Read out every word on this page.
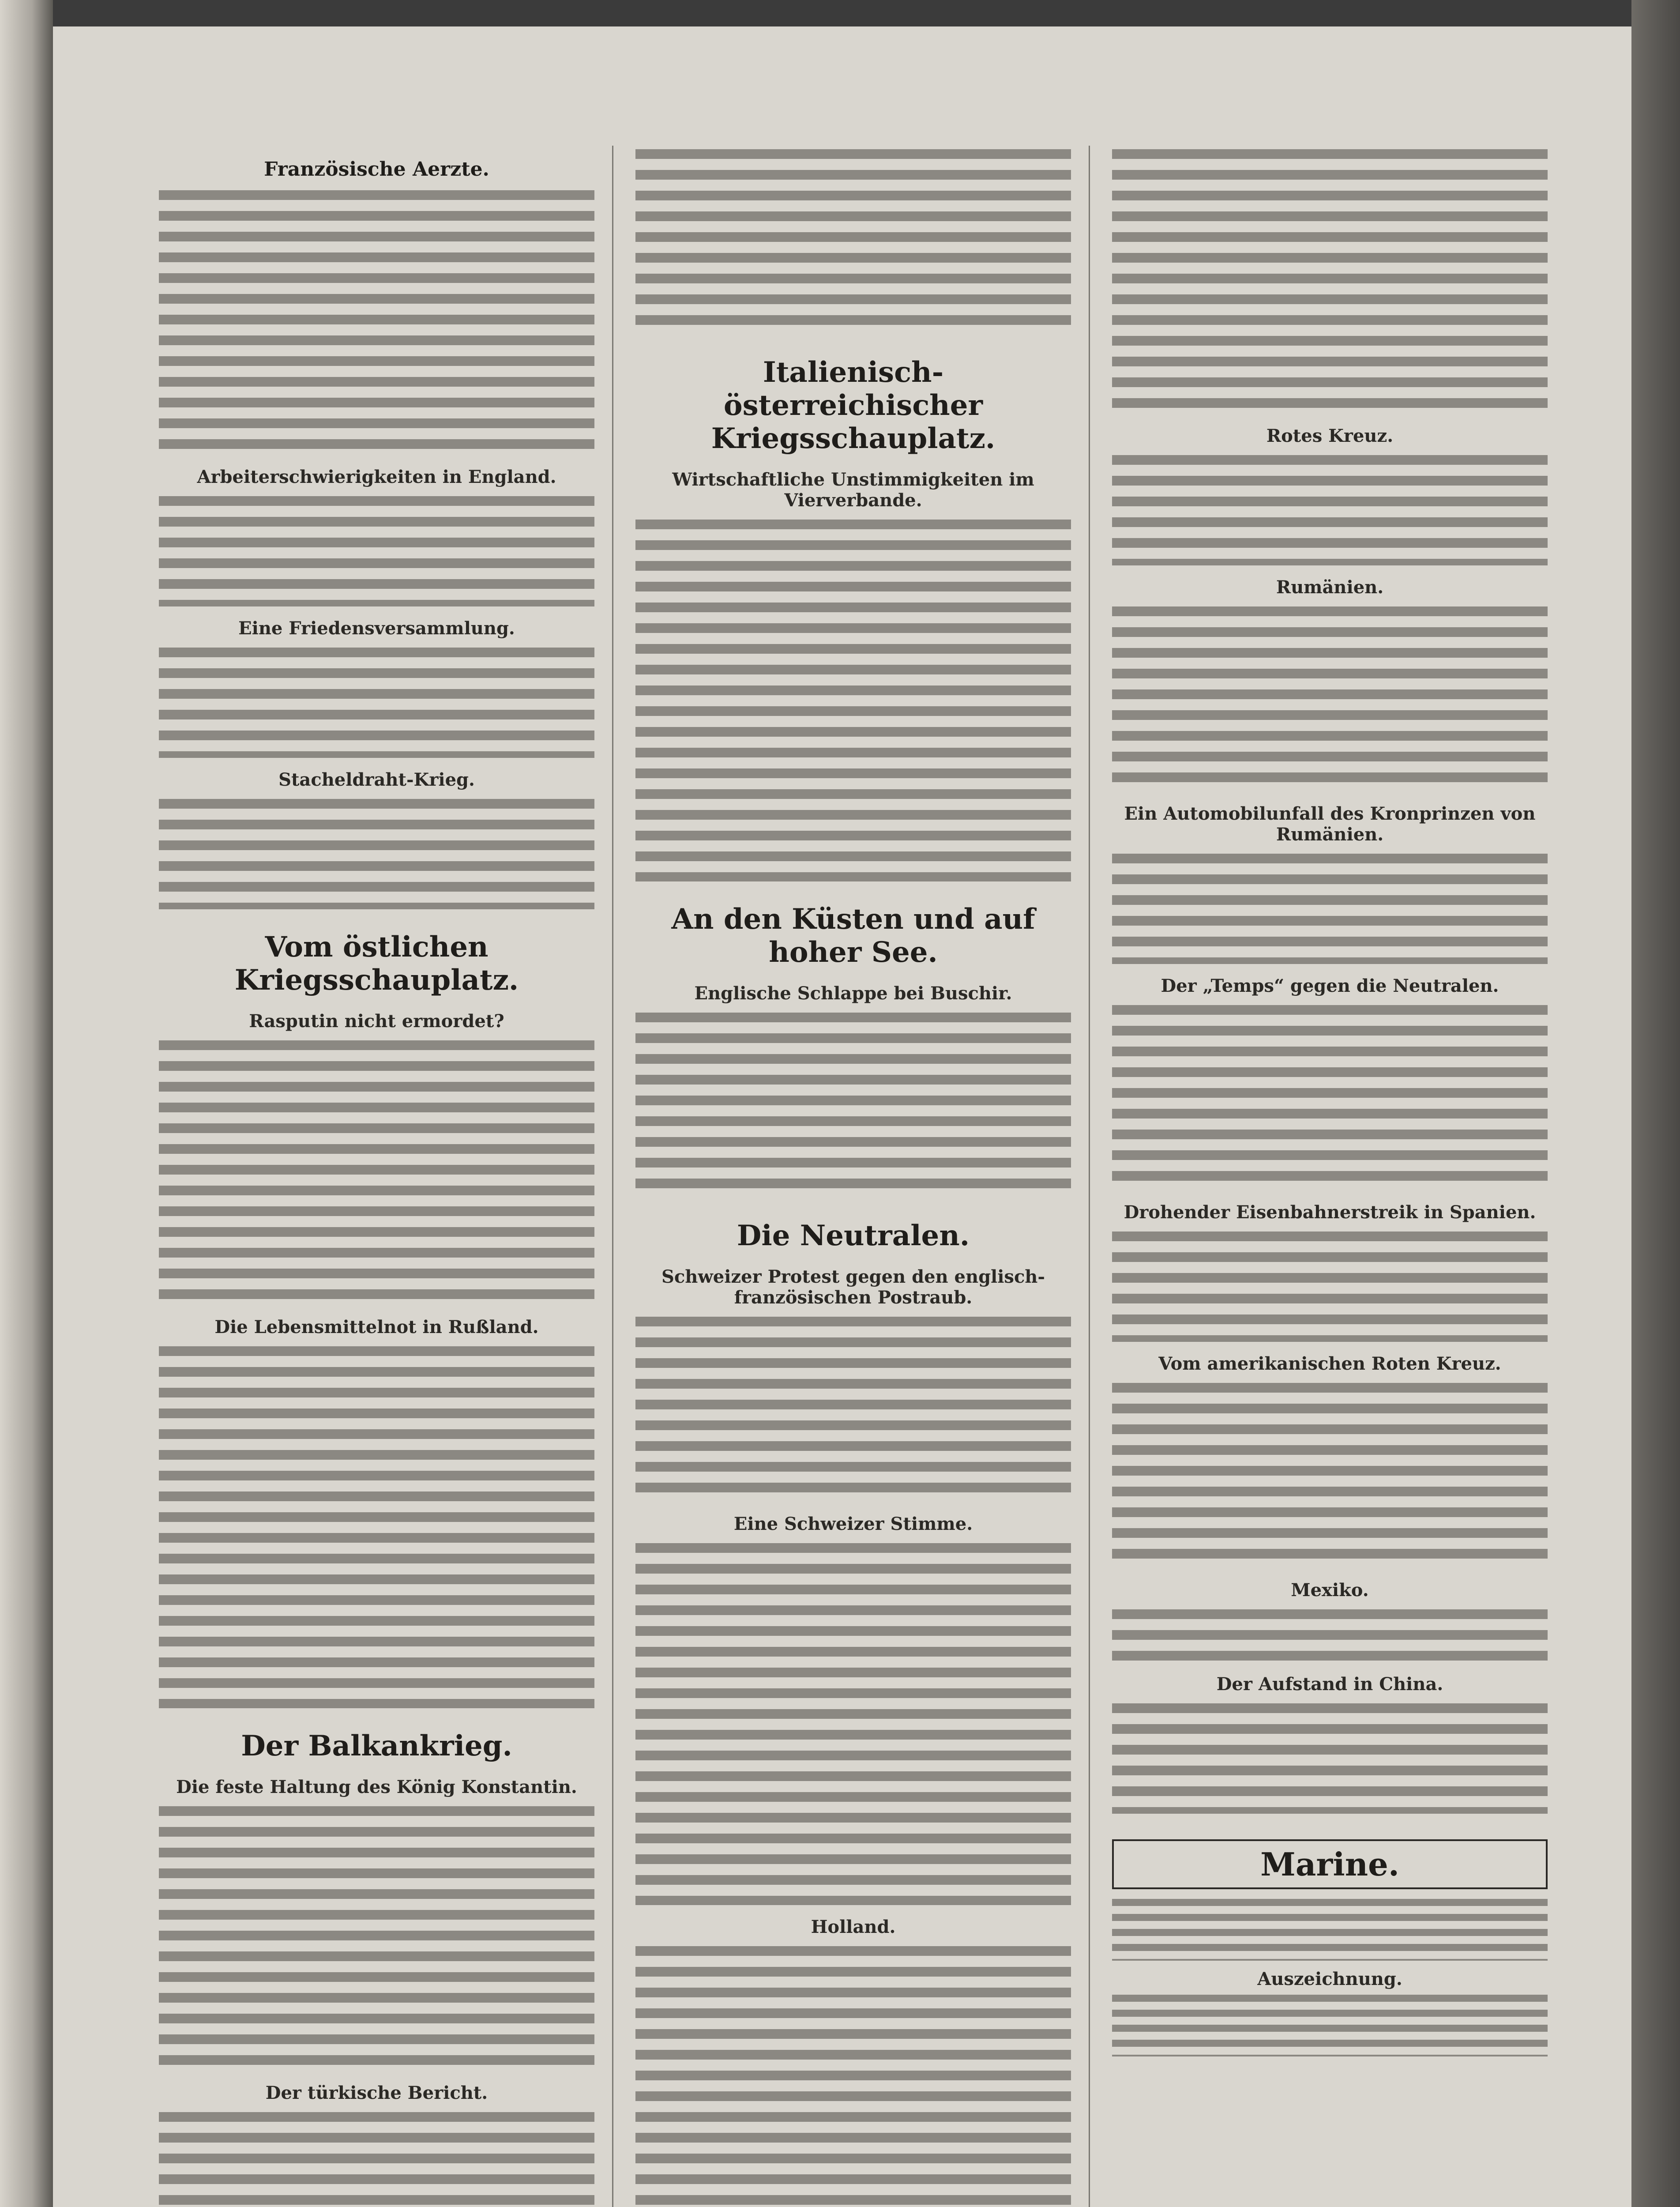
Französische Aerzte.
Arbeiterschwierigkeiten in England.
Eine Friedensversammlung.
Stacheldraht-Krieg.
Vom östlichen Kriegsschauplatz.
Rasputin nicht ermordet?
Die Lebensmittelnot in Rußland.
Der Balkankrieg.
Die feste Haltung des König Konstantin.
Der türkische Bericht.
Italienisch-österreichischer Kriegsschauplatz.
Wirtschaftliche Unstimmigkeiten im Vierverbande.
An den Küsten und auf hoher See.
Englische Schlappe bei Buschir.
Die Neutralen.
Schweizer Protest gegen den englisch-französischen Postraub.
Eine Schweizer Stimme.
Holland.
Rotes Kreuz.
Rumänien.
Ein Automobilunfall des Kronprinzen von Rumänien.
Der „Temps“ gegen die Neutralen.
Drohender Eisenbahnerstreik in Spanien.
Vom amerikanischen Roten Kreuz.
Mexiko.
Der Aufstand in China.
Marine.
Auszeichnung.
